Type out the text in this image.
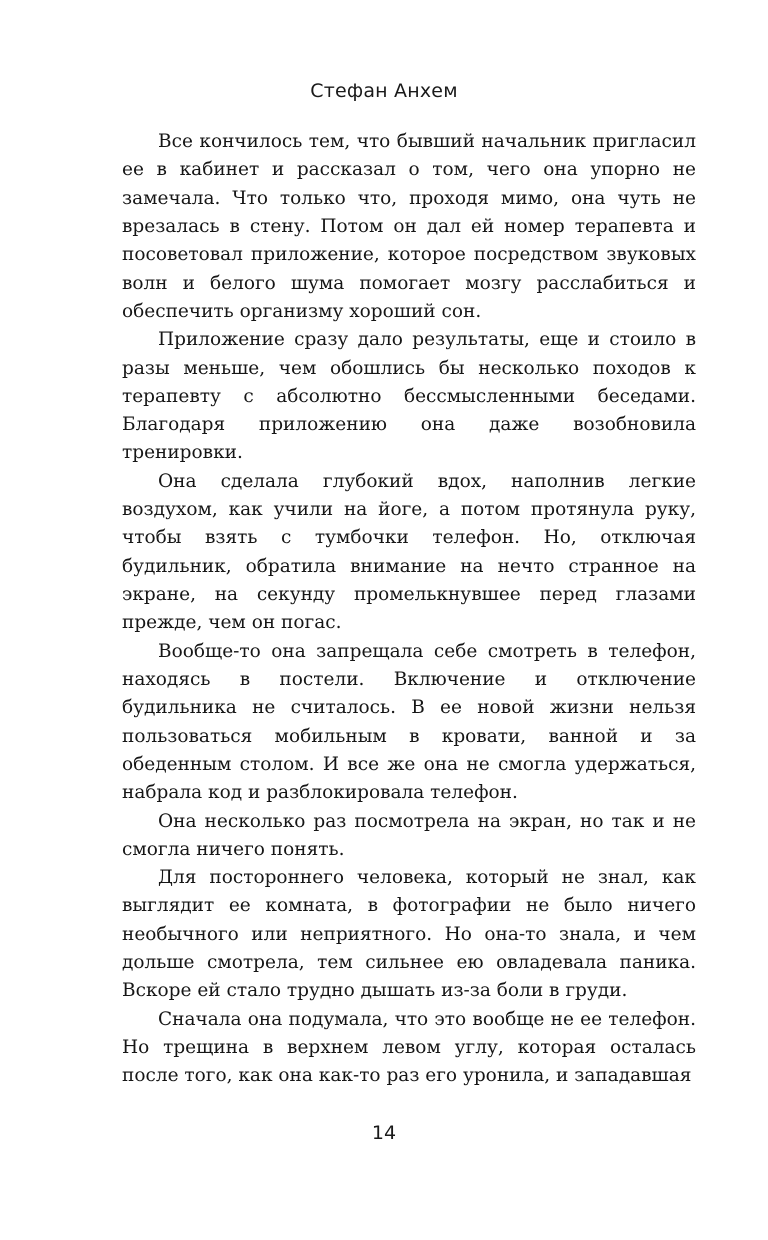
Стефан Анхем

Все кончилось тем, что бывший начальник пригласил ее в кабинет и рассказал о том, чего она упорно не замечала. Что только что, проходя мимо, она чуть не врезалась в стену. Потом он дал ей номер терапевта и посоветовал приложение, которое посредством звуковых волн и белого шума помогает мозгу расслабиться и обеспечить организму хороший сон.

Приложение сразу дало результаты, еще и стоило в разы меньше, чем обошлись бы несколько походов к терапевту с абсолютно бессмысленными беседами. Благодаря приложению она даже возобновила тренировки.

Она сделала глубокий вдох, наполнив легкие воздухом, как учили на йоге, а потом протянула руку, чтобы взять с тумбочки телефон. Но, отключая будильник, обратила внимание на нечто странное на экране, на секунду промелькнувшее перед глазами прежде, чем он погас.

Вообще-то она запрещала себе смотреть в телефон, находясь в постели. Включение и отключение будильника не считалось. В ее новой жизни нельзя пользоваться мобильным в кровати, ванной и за обеденным столом. И все же она не смогла удержаться, набрала код и разблокировала телефон.

Она несколько раз посмотрела на экран, но так и не смогла ничего понять.

Для постороннего человека, который не знал, как выглядит ее комната, в фотографии не было ничего необычного или неприятного. Но она-то знала, и чем дольше смотрела, тем сильнее ею овладевала паника. Вскоре ей стало трудно дышать из-за боли в груди.

Сначала она подумала, что это вообще не ее телефон. Но трещина в верхнем левом углу, которая осталась после того, как она как-то раз его уронила, и западавшая

14
